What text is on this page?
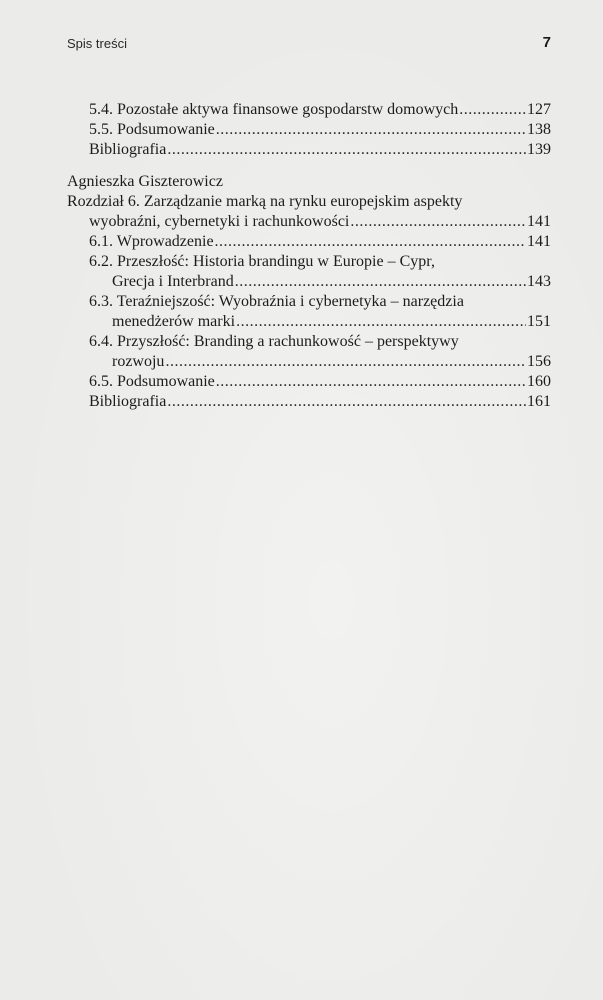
Spis treści	7
5.4. Pozostałe aktywa finansowe gospodarstw domowych .....	127
5.5. Podsumowanie .....	138
Bibliografia .....	139
Agnieszka Giszterowicz
Rozdział 6. Zarządzanie marką na rynku europejskim aspekty
wyobraźni, cybernetyki i rachunkowości .....	141
6.1. Wprowadzenie .....	141
6.2. Przeszłość: Historia brandingu w Europie – Cypr,
Grecja i Interbrand .....	143
6.3. Teraźniejszość: Wyobraźnia i cybernetyka – narzędzia
menedżerów marki .....	151
6.4. Przyszłość: Branding a rachunkowość – perspektywy
rozwoju .....	156
6.5. Podsumowanie .....	160
Bibliografia .....	161
